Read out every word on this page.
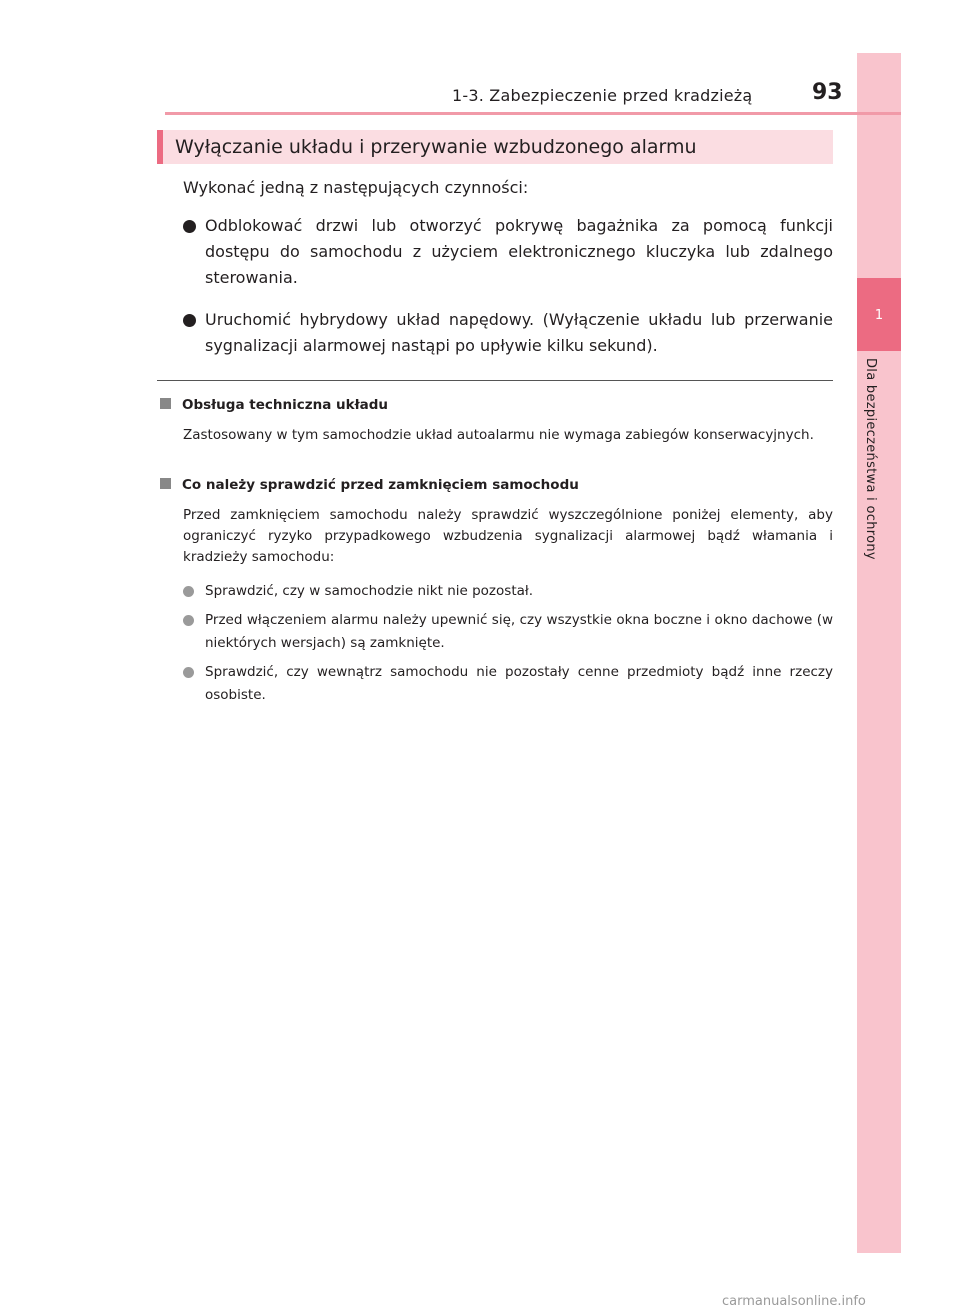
1
Dla bezpieczeństwa i ochrony
1-3. Zabezpieczenie przed kradzieżą	93
Wyłączanie układu i przerywanie wzbudzonego alarmu
Wykonać jedną z następujących czynności:
Odblokować drzwi lub otworzyć pokrywę bagażnika za pomocą funkcji dostępu do samochodu z użyciem elektronicznego kluczyka lub zdalnego sterowania.
Uruchomić hybrydowy układ napędowy. (Wyłączenie układu lub przerwanie sygnalizacji alarmowej nastąpi po upływie kilku sekund).
Obsługa techniczna układu
Zastosowany w tym samochodzie układ autoalarmu nie wymaga zabiegów konserwacyjnych.
Co należy sprawdzić przed zamknięciem samochodu
Przed zamknięciem samochodu należy sprawdzić wyszczególnione poniżej elementy, aby ograniczyć ryzyko przypadkowego wzbudzenia sygnalizacji alarmowej bądź włamania i kradzieży samochodu:
Sprawdzić, czy w samochodzie nikt nie pozostał.
Przed włączeniem alarmu należy upewnić się, czy wszystkie okna boczne i okno dachowe (w niektórych wersjach) są zamknięte.
Sprawdzić, czy wewnątrz samochodu nie pozostały cenne przedmioty bądź inne rzeczy osobiste.
carmanualsonline.info
